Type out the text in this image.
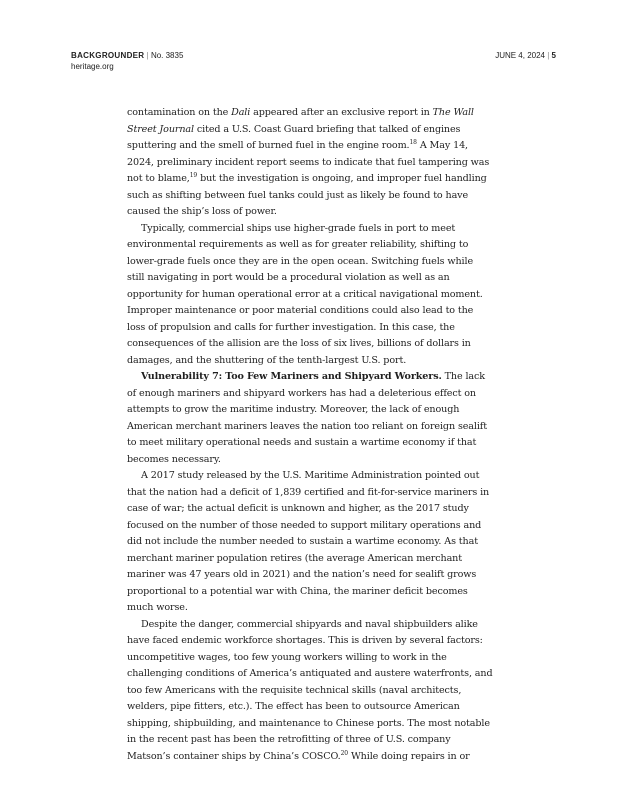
BACKGROUNDER | No. 3835
heritage.org
JUNE 4, 2024 | 5

contamination on the Dali appeared after an exclusive report in The Wall Street Journal cited a U.S. Coast Guard briefing that talked of engines sputtering and the smell of burned fuel in the engine room.$^{18}$ A May 14, 2024, preliminary incident report seems to indicate that fuel tampering was not to blame,$^{19}$ but the investigation is ongoing, and improper fuel handling such as shifting between fuel tanks could just as likely be found to have caused the ship’s loss of power.

Typically, commercial ships use higher-grade fuels in port to meet environmental requirements as well as for greater reliability, shifting to lower-grade fuels once they are in the open ocean. Switching fuels while still navigating in port would be a procedural violation as well as an opportunity for human operational error at a critical navigational moment. Improper maintenance or poor material conditions could also lead to the loss of propulsion and calls for further investigation. In this case, the consequences of the allision are the loss of six lives, billions of dollars in damages, and the shuttering of the tenth-largest U.S. port.

Vulnerability 7: Too Few Mariners and Shipyard Workers. The lack of enough mariners and shipyard workers has had a deleterious effect on attempts to grow the maritime industry. Moreover, the lack of enough American merchant mariners leaves the nation too reliant on foreign sealift to meet military operational needs and sustain a wartime economy if that becomes necessary.

A 2017 study released by the U.S. Maritime Administration pointed out that the nation had a deficit of 1,839 certified and fit-for-service mariners in case of war; the actual deficit is unknown and higher, as the 2017 study focused on the number of those needed to support military operations and did not include the number needed to sustain a wartime economy. As that merchant mariner population retires (the average American merchant mariner was 47 years old in 2021) and the nation’s need for sealift grows proportional to a potential war with China, the mariner deficit becomes much worse.

Despite the danger, commercial shipyards and naval shipbuilders alike have faced endemic workforce shortages. This is driven by several factors: uncompetitive wages, too few young workers willing to work in the challenging conditions of America’s antiquated and austere waterfronts, and too few Americans with the requisite technical skills (naval architects, welders, pipe fitters, etc.). The effect has been to outsource American shipping, shipbuilding, and maintenance to Chinese ports. The most notable in the recent past has been the retrofitting of three of U.S. company Matson’s container ships by China’s COSCO.$^{20}$ While doing repairs in or
